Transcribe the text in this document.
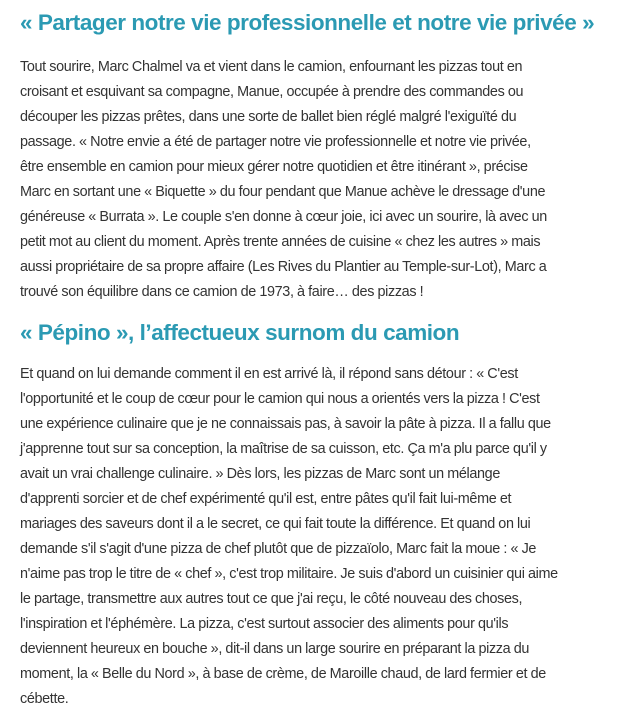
« Partager notre vie professionnelle et notre vie privée »

Tout sourire, Marc Chalmel va et vient dans le camion, enfournant les pizzas tout en
croisant et esquivant sa compagne, Manue, occupée à prendre des commandes ou
découper les pizzas prêtes, dans une sorte de ballet bien réglé malgré l'exiguïté du
passage. « Notre envie a été de partager notre vie professionnelle et notre vie privée,
être ensemble en camion pour mieux gérer notre quotidien et être itinérant », précise
Marc en sortant une « Biquette » du four pendant que Manue achève le dressage d'une
généreuse « Burrata ». Le couple s'en donne à cœur joie, ici avec un sourire, là avec un
petit mot au client du moment. Après trente années de cuisine « chez les autres » mais
aussi propriétaire de sa propre affaire (Les Rives du Plantier au Temple-sur-Lot), Marc a
trouvé son équilibre dans ce camion de 1973, à faire… des pizzas !

« Pépino », l’affectueux surnom du camion

Et quand on lui demande comment il en est arrivé là, il répond sans détour : « C'est
l'opportunité et le coup de cœur pour le camion qui nous a orientés vers la pizza ! C'est
une expérience culinaire que je ne connaissais pas, à savoir la pâte à pizza. Il a fallu que
j'apprenne tout sur sa conception, la maîtrise de sa cuisson, etc. Ça m'a plu parce qu'il y
avait un vrai challenge culinaire. » Dès lors, les pizzas de Marc sont un mélange
d'apprenti sorcier et de chef expérimenté qu'il est, entre pâtes qu'il fait lui-même et
mariages des saveurs dont il a le secret, ce qui fait toute la différence. Et quand on lui
demande s'il s'agit d'une pizza de chef plutôt que de pizzaïolo, Marc fait la moue : « Je
n'aime pas trop le titre de « chef », c'est trop militaire. Je suis d'abord un cuisinier qui aime
le partage, transmettre aux autres tout ce que j'ai reçu, le côté nouveau des choses,
l'inspiration et l'éphémère. La pizza, c'est surtout associer des aliments pour qu'ils
deviennent heureux en bouche », dit-il dans un large sourire en préparant la pizza du
moment, la « Belle du Nord », à base de crème, de Maroille chaud, de lard fermier et de
cébette.
